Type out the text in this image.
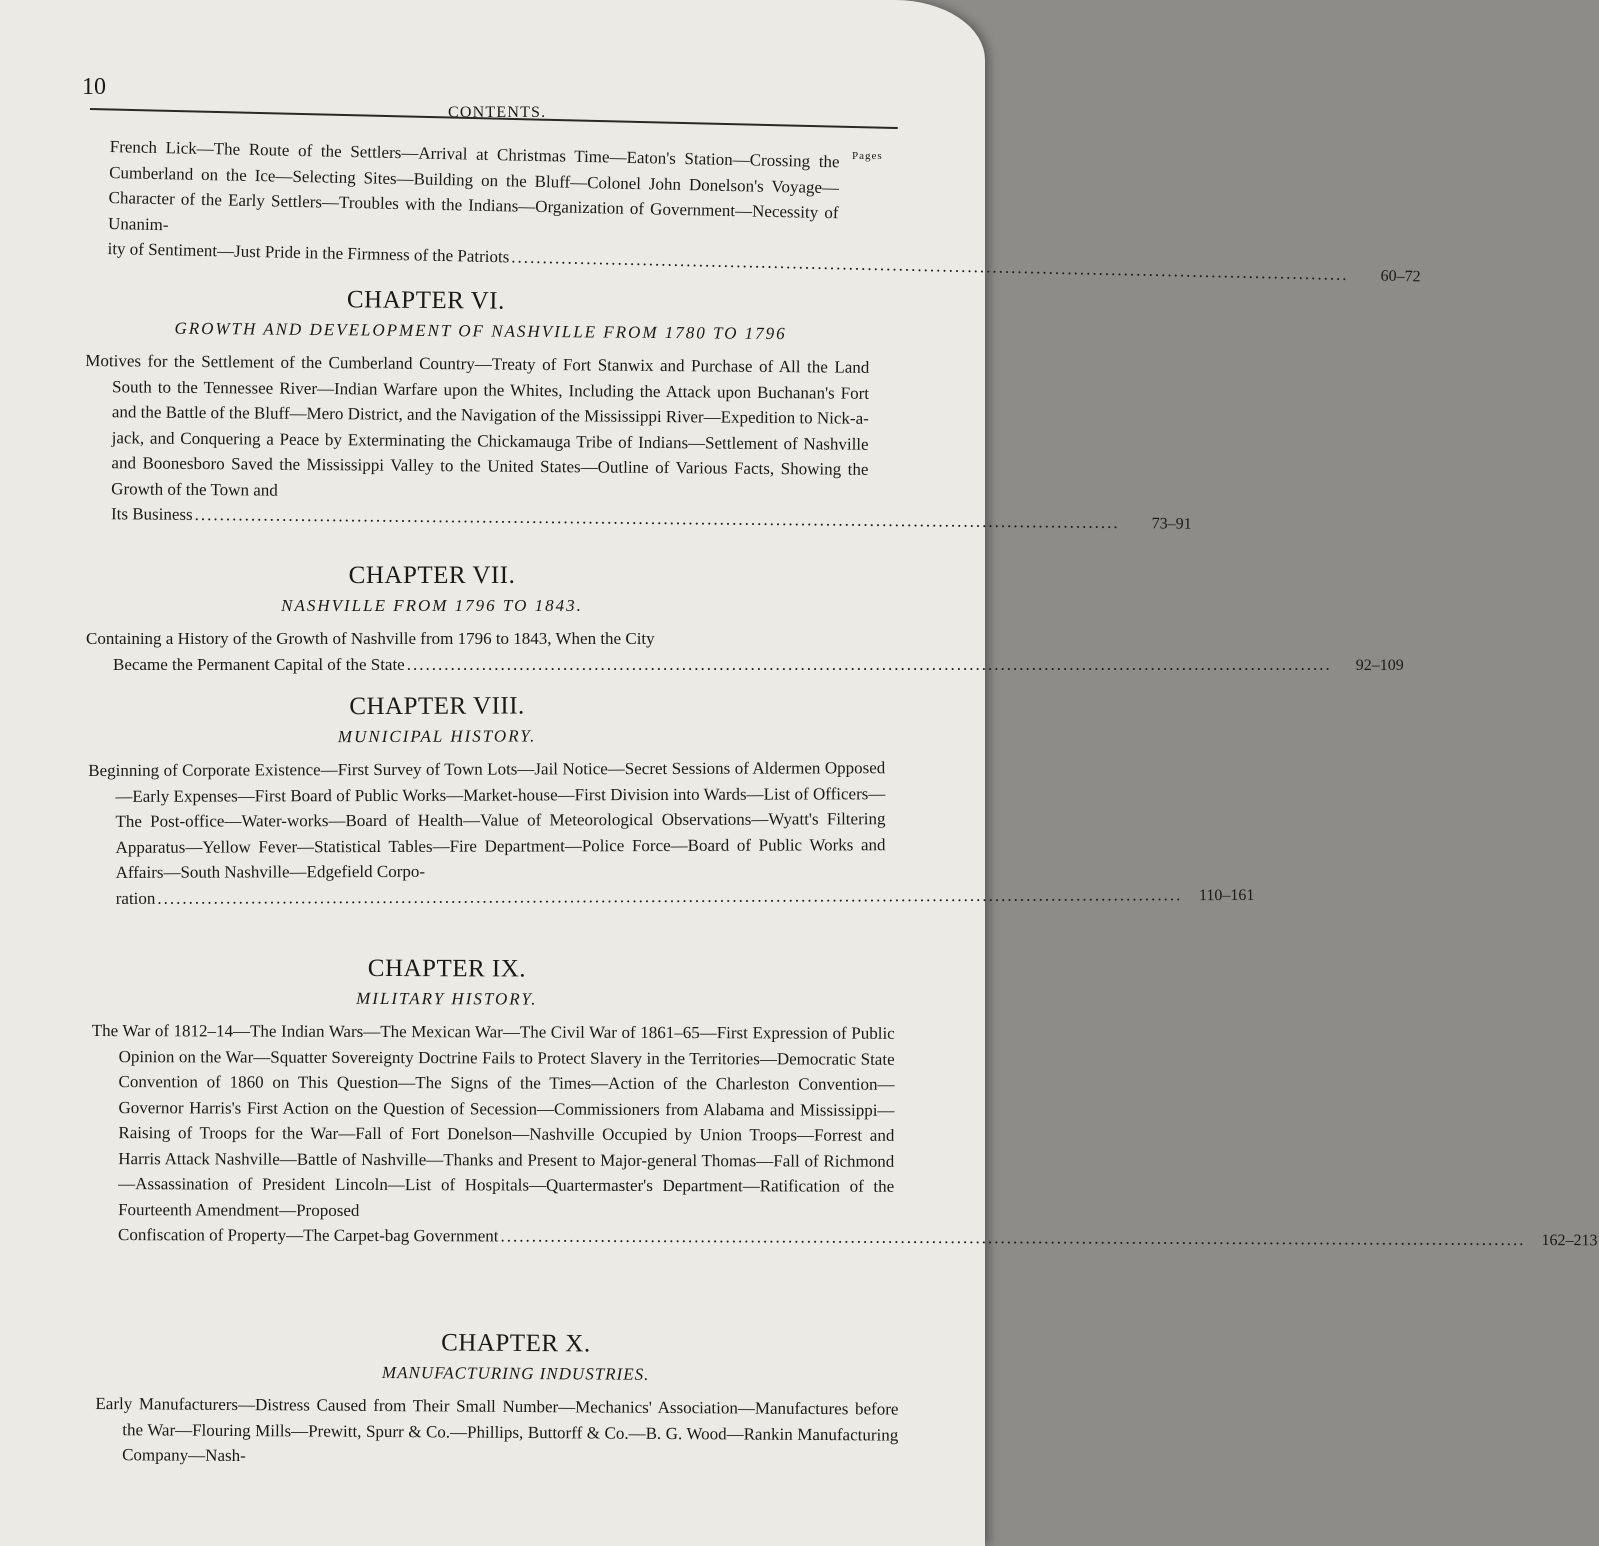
10
CONTENTS.
Pages

French Lick—The Route of the Settlers—Arrival at Christmas Time—Eaton's Station—Crossing the Cumberland on the Ice—Selecting Sites—Building on the Bluff—Colonel John Donelson's Voyage—Character of the Early Settlers—Troubles with the Indians—Organization of Government—Necessity of Unanim-

ity of Sentiment—Just Pride in the Firmness of the Patriots ......................................................................................................................................	60–72
CHAPTER VI.
GROWTH AND DEVELOPMENT OF NASHVILLE FROM 1780 TO 1796

Motives for the Settlement of the Cumberland Country—Treaty of Fort Stanwix and Purchase of All the Land South to the Tennessee River—Indian Warfare upon the Whites, Including the Attack upon Buchanan's Fort and the Battle of the Bluff—Mero District, and the Navigation of the Mississippi River—Expedition to Nick-a-jack, and Conquering a Peace by Exterminating the Chickamauga Tribe of Indians—Settlement of Nashville and Boonesboro Saved the Mississippi Valley to the United States—Outline of Various Facts, Showing the Growth of the Town and

Its Business ....................................................................................................................................................	73–91
CHAPTER VII.
NASHVILLE FROM 1796 TO 1843.

Containing a History of the Growth of Nashville from 1796 to 1843, When the City

Became the Permanent Capital of the State ....................................................................................................................................................	92–109
CHAPTER VIII.
MUNICIPAL HISTORY.

Beginning of Corporate Existence—First Survey of Town Lots—Jail Notice—Secret Sessions of Aldermen Opposed—Early Expenses—First Board of Public Works—Market-house—First Division into Wards—List of Officers—The Post-office—Water-works—Board of Health—Value of Meteorological Observations—Wyatt's Filtering Apparatus—Yellow Fever—Statistical Tables—Fire Department—Police Force—Board of Public Works and Affairs—South Nashville—Edgefield Corpo-

ration ....................................................................................................................................................................	110–161
CHAPTER IX.
MILITARY HISTORY.

The War of 1812–14—The Indian Wars—The Mexican War—The Civil War of 1861–65—First Expression of Public Opinion on the War—Squatter Sovereignty Doctrine Fails to Protect Slavery in the Territories—Democratic State Convention of 1860 on This Question—The Signs of the Times—Action of the Charleston Convention—Governor Harris's First Action on the Question of Secession—Commissioners from Alabama and Mississippi—Raising of Troops for the War—Fall of Fort Donelson—Nashville Occupied by Union Troops—Forrest and Harris Attack Nashville—Battle of Nashville—Thanks and Present to Major-general Thomas—Fall of Richmond—Assassination of President Lincoln—List of Hospitals—Quartermaster's Department—Ratification of the Fourteenth Amendment—Proposed

Confiscation of Property—The Carpet-bag Government .................................................................................................................................................................... 162–213
CHAPTER X.
MANUFACTURING INDUSTRIES.

Early Manufacturers—Distress Caused from Their Small Number—Mechanics' Association—Manufactures before the War—Flouring Mills—Prewitt, Spurr & Co.—Phillips, Buttorff & Co.—B. G. Wood—Rankin Manufacturing Company—Nash-
